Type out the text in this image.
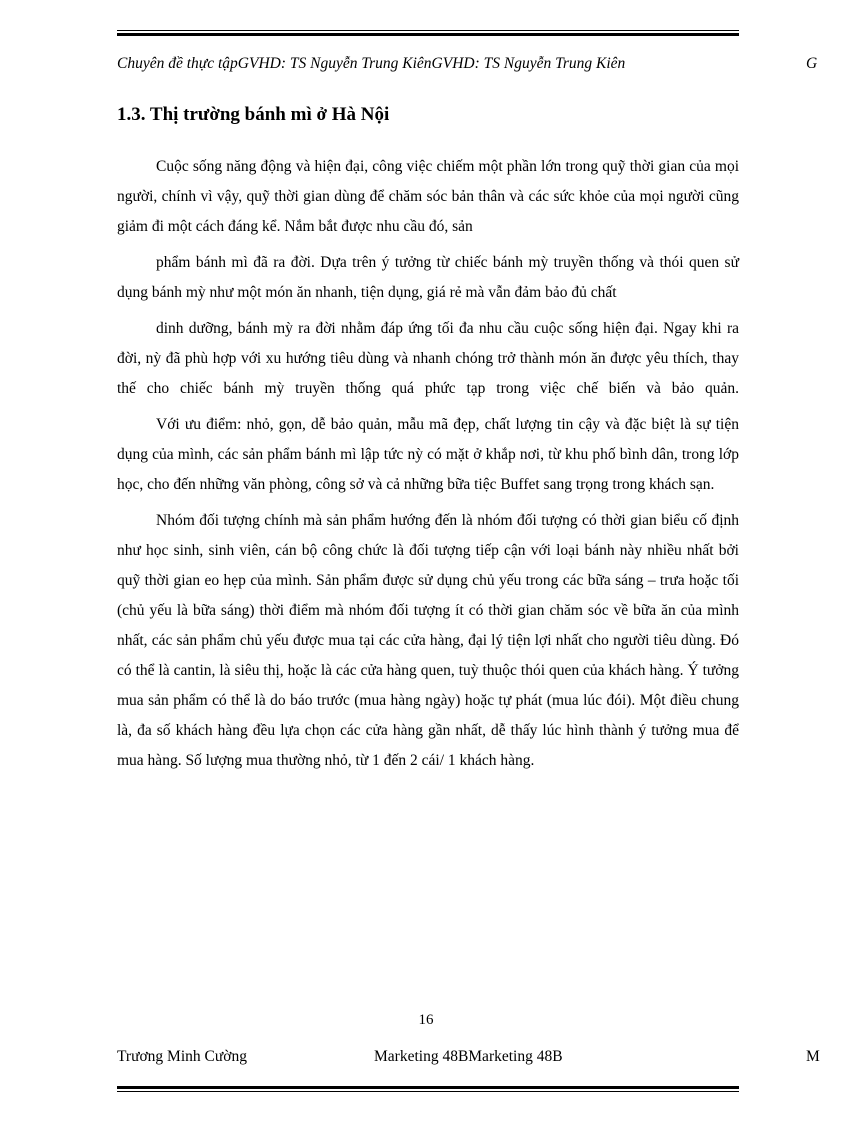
Chuyên đề thực tậpGVHD: TS Nguyễn Trung KiênGVHD: TS Nguyễn Trung Kiên	G
1.3. Thị trường bánh mì ở Hà Nội

Cuộc sống năng động và hiện đại, công việc chiếm một phần lớn trong quỹ thời gian của mọi người, chính vì vậy, quỹ thời gian dùng để chăm sóc bản thân và các sức khỏe của mọi người cũng giảm đi một cách đáng kể. Nắm bắt được nhu cầu đó, sản

phẩm bánh mì đã ra đời. Dựa trên ý tưởng từ chiếc bánh mỳ truyền thống và thói quen sử dụng bánh mỳ như một món ăn nhanh, tiện dụng, giá rẻ mà vẫn đảm bảo đủ chất

dinh dưỡng, bánh mỳ ra đời nhằm đáp ứng tối đa nhu cầu cuộc sống hiện đại. Ngay khi ra đời, nỳ đã phù hợp với xu hướng tiêu dùng và nhanh chóng trở thành món ăn được yêu thích, thay thế cho chiếc bánh mỳ truyền thống quá phức tạp trong việc chế biến và bảo quản.

Với ưu điểm: nhỏ, gọn, dễ bảo quản, mẫu mã đẹp, chất lượng tin cậy và đặc biệt là sự tiện dụng của mình, các sản phẩm bánh mì lập tức nỳ có mặt ở khắp nơi, từ khu phố bình dân, trong lớp học, cho đến những văn phòng, công sở và cả những bữa tiệc Buffet sang trọng trong khách sạn.

Nhóm đối tượng chính mà sản phẩm hướng đến là nhóm đối tượng có thời gian biểu cố định như học sinh, sinh viên, cán bộ công chức là đối tượng tiếp cận với loại bánh này nhiều nhất bởi quỹ thời gian eo hẹp của mình. Sản phẩm được sử dụng chủ yếu trong các bữa sáng – trưa hoặc tối (chủ yếu là bữa sáng) thời điểm mà nhóm đối tượng ít có thời gian chăm sóc về bữa ăn của mình nhất, các sản phẩm chủ yếu được mua tại các cửa hàng, đại lý tiện lợi nhất cho người tiêu dùng. Đó có thể là cantin, là siêu thị, hoặc là các cửa hàng quen, tuỳ thuộc thói quen của khách hàng. Ý tưởng mua sản phẩm có thể là do báo trước (mua hàng ngày) hoặc tự phát (mua lúc đói). Một điều chung là, đa số khách hàng đều lựa chọn các cửa hàng gần nhất, dễ thấy lúc hình thành ý tưởng mua để mua hàng. Số lượng mua thường nhỏ, từ 1 đến 2 cái/ 1 khách hàng.

16
Trương Minh Cường	Marketing 48BMarketing 48B	M
